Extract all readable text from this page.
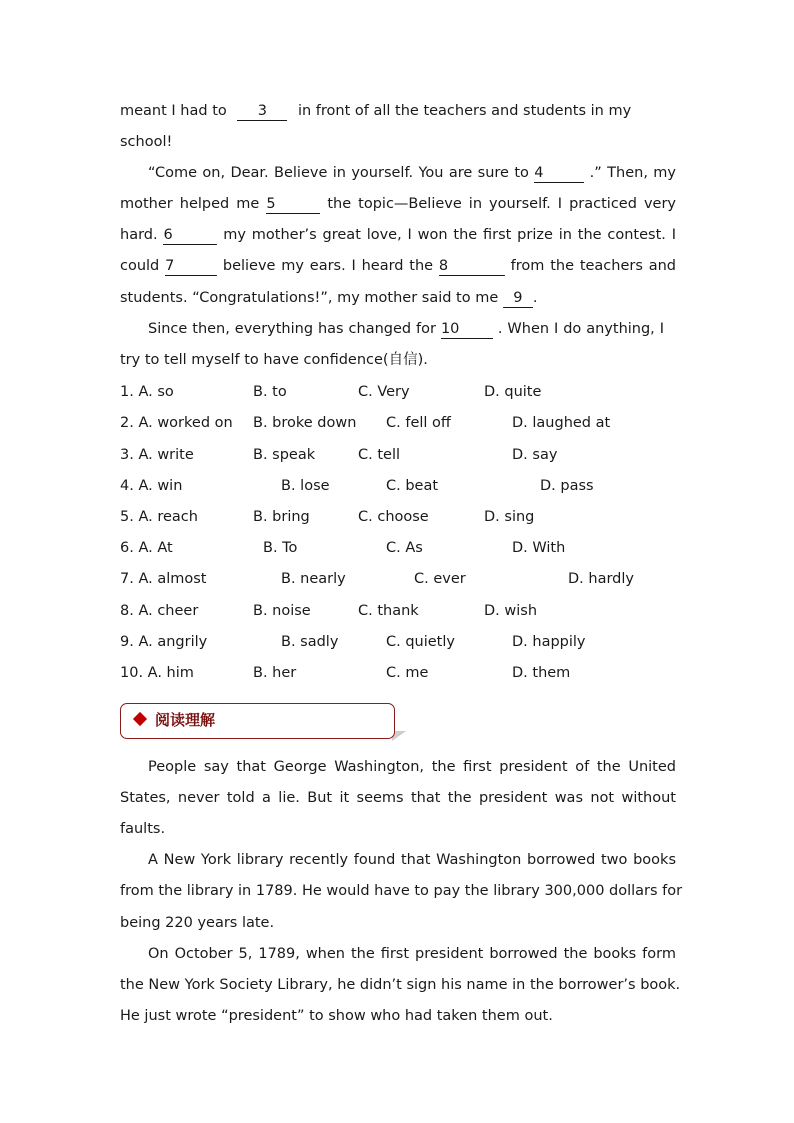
meant I had to 3 in front of all the teachers and students in my
school!
“Come on, Dear. Believe in yourself. You are sure to 4	.” Then, my
mother helped me 5	the topic—Believe in yourself. I practiced very
hard. 6	my mother’s great love, I won the first prize in the contest. I
could 7	believe my ears. I heard the 8	from the teachers and
students. “Congratulations!”, my mother said to me 9 .
Since then, everything has changed for 10 . When I do anything, I
try to tell myself to have confidence(自信).
1. A. so	B. to	C. Very	D. quite
2. A. worked on B. broke down C. fell off	D. laughed at
3. A. write	B. speak	C. tell	D. say
4. A. win	B. lose	C. beat	D. pass
5. A. reach	B. bring	C. choose	D. sing
6. A. At	B. To	C. As	D. With
7. A. almost	B. nearly	C. ever	D. hardly
8. A. cheer	B. noise	C. thank	D. wish
9. A. angrily	B. sadly	C. quietly	D. happily
10. A. him	B. her	C. me	D. them
阅读理解
People say that George Washington, the first president of the United
States, never told a lie. But it seems that the president was not without
faults.
A New York library recently found that Washington borrowed two books
from the library in 1789. He would have to pay the library 300,000 dollars for
being 220 years late.
On October 5, 1789, when the first president borrowed the books form
the New York Society Library, he didn’t sign his name in the borrower’s book.
He just wrote “president” to show who had taken them out.
